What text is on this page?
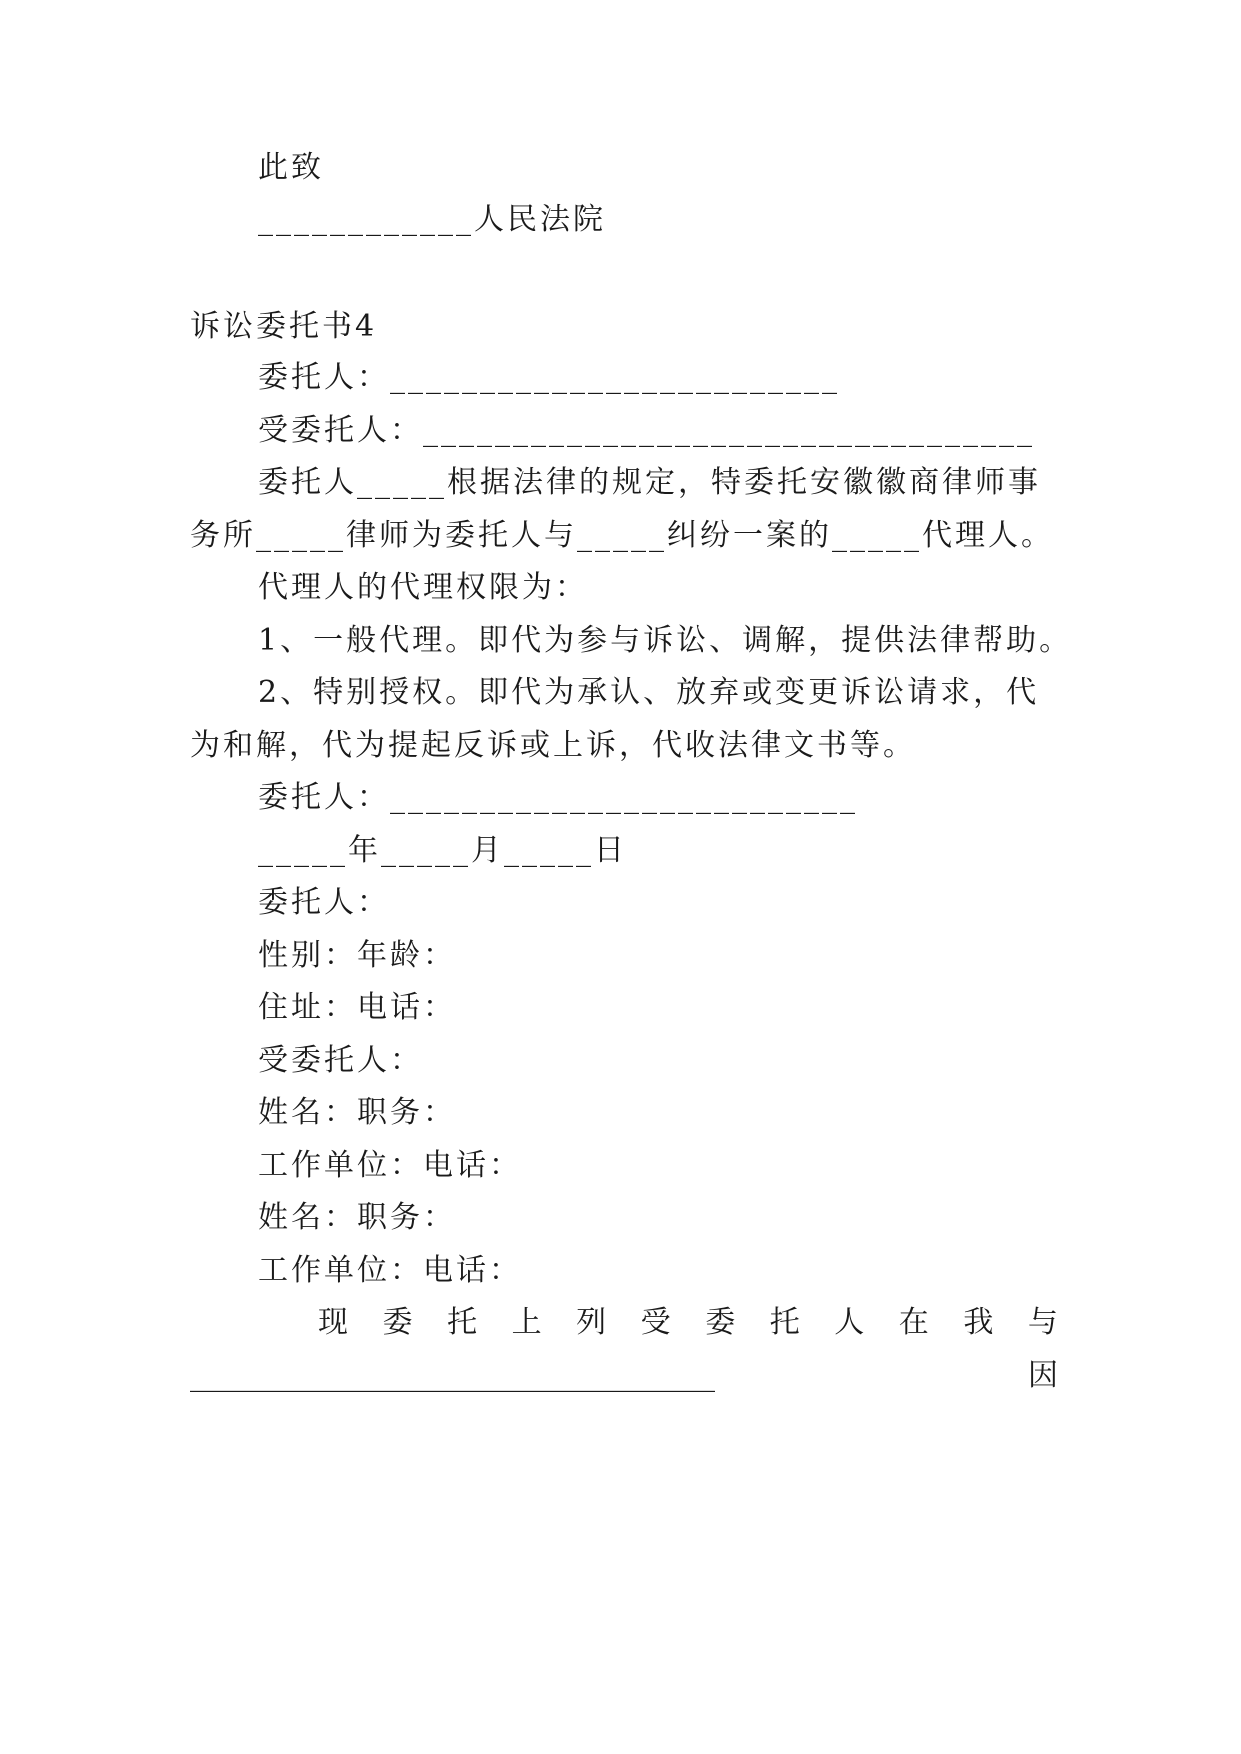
此致
____________人民法院
诉讼委托书4
委托人：_________________________
受委托人：__________________________________
委托人_____根据法律的规定，特委托安徽徽商律师事
务所_____律师为委托人与_____纠纷一案的_____代理人。
代理人的代理权限为：
1、一般代理。即代为参与诉讼、调解，提供法律帮助。
2、特别授权。即代为承认、放弃或变更诉讼请求，代
为和解，代为提起反诉或上诉，代收法律文书等。
委托人：__________________________
_____年_____月_____日
委托人：
性别：年龄：
住址：电话：
受委托人：
姓名：职务：
工作单位：电话：
姓名：职务：
工作单位：电话：
现 委 托 上 列 受 委 托 人 在 我 与
___________________________________	因
